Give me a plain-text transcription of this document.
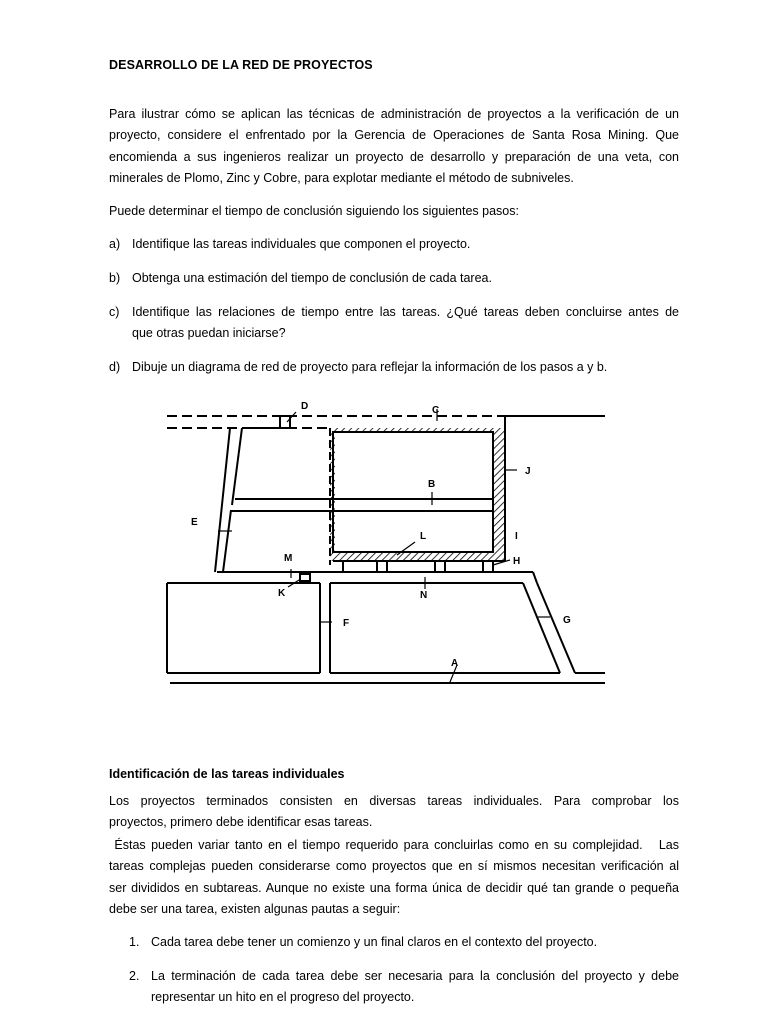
DESARROLLO DE LA RED DE PROYECTOS
Para ilustrar cómo se aplican las técnicas de administración de proyectos a la verificación de un
proyecto, considere el enfrentado por la Gerencia de Operaciones de Santa Rosa Mining. Que
encomienda a sus ingenieros realizar un proyecto de desarrollo y preparación de una veta, con
minerales de Plomo, Zinc y Cobre, para explotar mediante el método de subniveles.
Puede determinar el tiempo de conclusión siguiendo los siguientes pasos:
a) Identifique las tareas individuales que componen el proyecto.
b) Obtenga una estimación del tiempo de conclusión de cada tarea.
c) Identifique las relaciones de tiempo entre las tareas. ¿Qué tareas deben concluirse antes de
que otras puedan iniciarse?
d) Dibuje un diagrama de red de proyecto para reflejar la información de los pasos a y b.
Identificación de las tareas individuales
Los proyectos terminados consisten en diversas tareas individuales. Para comprobar los
proyectos, primero debe identificar esas tareas.
Éstas pueden variar tanto en el tiempo requerido para concluirlas como en su complejidad.   Las
tareas complejas pueden considerarse como proyectos que en sí mismos necesitan verificación al
ser divididos en subtareas. Aunque no existe una forma única de decidir qué tan grande o pequeña
debe ser una tarea, existen algunas pautas a seguir:
1. Cada tarea debe tener un comienzo y un final claros en el contexto del proyecto.
2. La terminación de cada tarea debe ser necesaria para la conclusión del proyecto y debe
representar un hito en el progreso del proyecto.
D	C
J
B
E
L	I
M	H
K	N
F	G
A
